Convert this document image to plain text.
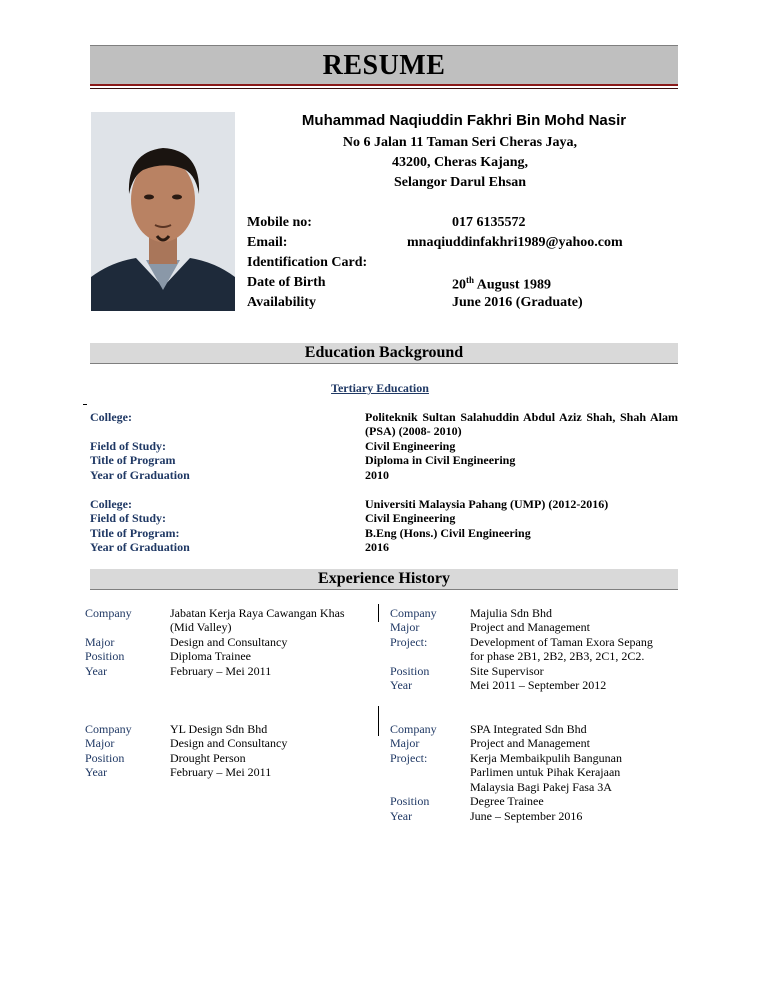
RESUME
Muhammad Naqiuddin Fakhri Bin Mohd Nasir
No 6 Jalan 11 Taman Seri Cheras Jaya,
43200, Cheras Kajang,
Selangor Darul Ehsan
Mobile no:	017 6135572
Email:	mnaqiuddinfakhri1989@yahoo.com
Identification Card:
Date of Birth	20th August 1989
Availability	June 2016 (Graduate)
Education Background
Tertiary Education
College:	Politeknik Sultan Salahuddin Abdul Aziz Shah, Shah Alam (PSA) (2008- 2010)
Field of Study:	Civil Engineering
Title of Program	Diploma in Civil Engineering
Year of Graduation	2010
College:	Universiti Malaysia Pahang (UMP) (2012-2016)
Field of Study:	Civil Engineering
Title of Program:	B.Eng (Hons.) Civil Engineering
Year of Graduation	2016
Experience History
Company	Jabatan Kerja Raya Cawangan Khas
(Mid Valley)
Major	Design and Consultancy
Position	Diploma Trainee
Year	February – Mei 2011
Company	Majulia Sdn Bhd
Major	Project and Management
Project:	Development of Taman Exora Sepang
for phase 2B1, 2B2, 2B3, 2C1, 2C2.
Position	Site Supervisor
Year	Mei 2011 – September 2012
Company	YL Design Sdn Bhd
Major	Design and Consultancy
Position	Drought Person
Year	February – Mei 2011
Company	SPA Integrated Sdn Bhd
Major	Project and Management
Project:	Kerja Membaikpulih Bangunan
Parlimen untuk Pihak Kerajaan
Malaysia Bagi Pakej Fasa 3A
Position	Degree Trainee
Year	June – September 2016
